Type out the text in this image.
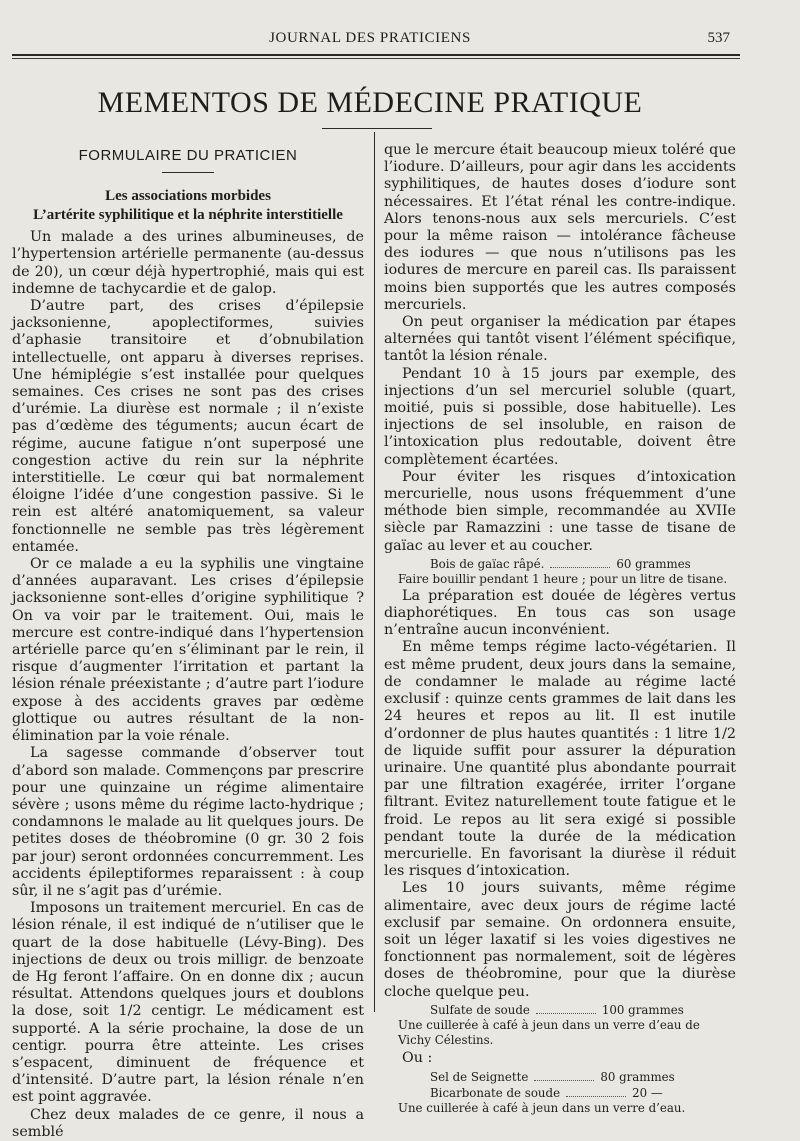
JOURNAL DES PRATICIENS	537
MEMENTOS DE MÉDECINE PRATIQUE
FORMULAIRE DU PRATICIEN
Les associations morbides
L’artérite syphilitique et la néphrite interstitielle

Un malade a des urines albumineuses, de l’hypertension artérielle permanente (au-dessus de 20), un cœur déjà hypertrophié, mais qui est indemne de tachycardie et de galop.

D’autre part, des crises d’épilepsie jacksonienne, apoplectiformes, suivies d’aphasie transitoire et d’obnubilation intellectuelle, ont apparu à diverses reprises. Une hémiplégie s’est installée pour quelques semaines. Ces crises ne sont pas des crises d’urémie. La diurèse est normale ; il n’existe pas d’œdème des téguments; aucun écart de régime, aucune fatigue n’ont superposé une congestion active du rein sur la néphrite interstitielle. Le cœur qui bat normalement éloigne l’idée d’une congestion passive. Si le rein est altéré anatomiquement, sa valeur fonctionnelle ne semble pas très légèrement entamée.

Or ce malade a eu la syphilis une vingtaine d’années auparavant. Les crises d’épilepsie jacksonienne sont-elles d’origine syphilitique ? On va voir par le traitement. Oui, mais le mercure est contre-indiqué dans l’hypertension artérielle parce qu’en s’éliminant par le rein, il risque d’augmenter l’irritation et partant la lésion rénale préexistante ; d’autre part l’iodure expose à des accidents graves par œdème glottique ou autres résultant de la non-élimination par la voie rénale.

La sagesse commande d’observer tout d’abord son malade. Commençons par prescrire pour une quinzaine un régime alimentaire sévère ; usons même du régime lacto-hydrique ; condamnons le malade au lit quelques jours. De petites doses de théobromine (0 gr. 30 2 fois par jour) seront ordonnées concurremment. Les accidents épileptiformes reparaissent : à coup sûr, il ne s’agit pas d’urémie.

Imposons un traitement mercuriel. En cas de lésion rénale, il est indiqué de n’utiliser que le quart de la dose habituelle (Lévy-Bing). Des injections de deux ou trois milligr. de benzoate de Hg feront l’affaire. On en donne dix ; aucun résultat. Attendons quelques jours et doublons la dose, soit 1/2 centigr. Le médicament est supporté. A la série prochaine, la dose de un centigr. pourra être atteinte. Les crises s’espacent, diminuent de fréquence et d’intensité. D’autre part, la lésion rénale n’en est point aggravée.

Chez deux malades de ce genre, il nous a semblé

que le mercure était beaucoup mieux toléré que l’iodure. D’ailleurs, pour agir dans les accidents syphilitiques, de hautes doses d’iodure sont nécessaires. Et l’état rénal les contre-indique. Alors tenons-nous aux sels mercuriels. C’est pour la même raison — intolérance fâcheuse des iodures — que nous n’utilisons pas les iodures de mercure en pareil cas. Ils paraissent moins bien supportés que les autres composés mercuriels.

On peut organiser la médication par étapes alternées qui tantôt visent l’élément spécifique, tantôt la lésion rénale.

Pendant 10 à 15 jours par exemple, des injections d’un sel mercuriel soluble (quart, moitié, puis si possible, dose habituelle). Les injections de sel insoluble, en raison de l’intoxication plus redoutable, doivent être complètement écartées.

Pour éviter les risques d’intoxication mercurielle, nous usons fréquemment d’une méthode bien simple, recommandée au XVIIe siècle par Ramazzini : une tasse de tisane de gaïac au lever et au coucher.

Bois de gaïac râpé.	60 grammes
Faire bouillir pendant 1 heure ; pour un litre de tisane.

La préparation est douée de légères vertus diaphorétiques. En tous cas son usage n’entraîne aucun inconvénient.

En même temps régime lacto-végétarien. Il est même prudent, deux jours dans la semaine, de condamner le malade au régime lacté exclusif : quinze cents grammes de lait dans les 24 heures et repos au lit. Il est inutile d’ordonner de plus hautes quantités : 1 litre 1/2 de liquide suffit pour assurer la dépuration urinaire. Une quantité plus abondante pourrait par une filtration exagérée, irriter l’organe filtrant. Evitez naturellement toute fatigue et le froid. Le repos au lit sera exigé si possible pendant toute la durée de la médication mercurielle. En favorisant la diurèse il réduit les risques d’intoxication.

Les 10 jours suivants, même régime alimentaire, avec deux jours de régime lacté exclusif par semaine. On ordonnera ensuite, soit un léger laxatif si les voies digestives ne fonctionnent pas normalement, soit de légères doses de théobromine, pour que la diurèse cloche quelque peu.

Sulfate de soude	100 grammes
Une cuillerée à café à jeun dans un verre d’eau de Vichy Célestins.
Ou :
Sel de Seignette	80 grammes
Bicarbonate de soude	20 —
Une cuillerée à café à jeun dans un verre d’eau.
